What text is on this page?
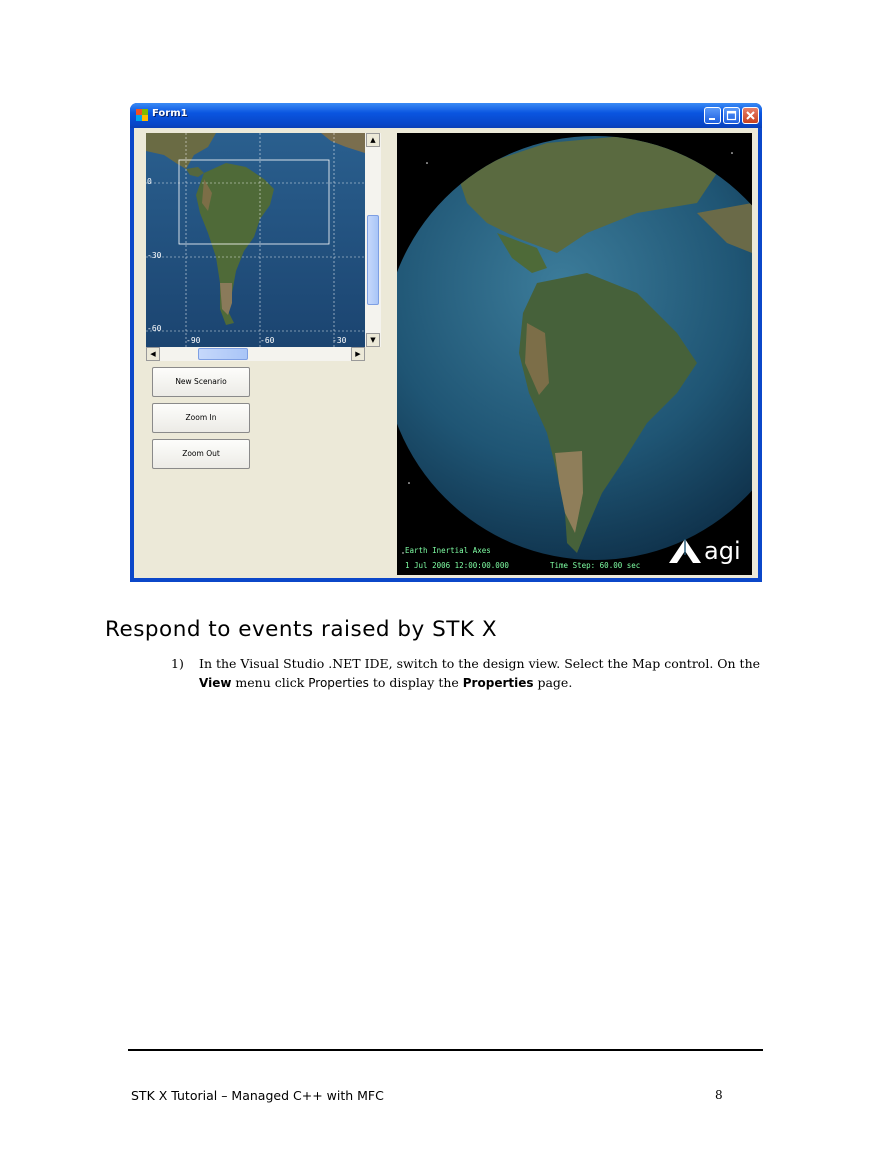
Form1
0
-30
-60
-90	-60	-30
▲
▼
◀	▶
New Scenario
Zoom In
Zoom Out
Earth Inertial Axes
1 Jul 2006 12:00:00.000	Time Step: 60.00 sec
agi
Respond to events raised by STK X
1) In the Visual Studio .NET IDE, switch to the design view. Select the Map control. On the View menu click Properties to display the Properties page.
STK X Tutorial – Managed C++ with MFC	8
